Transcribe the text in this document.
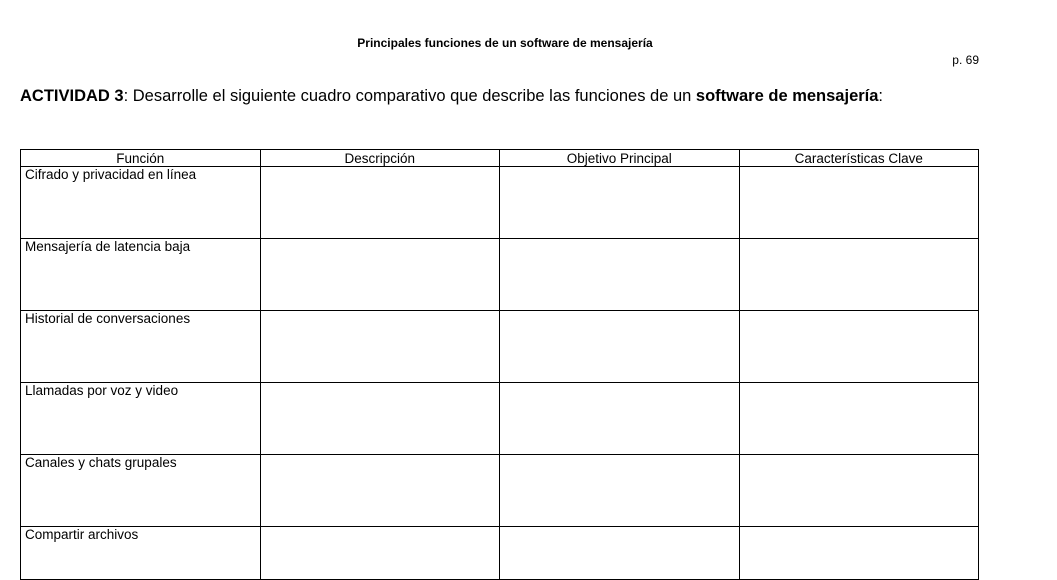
Principales funciones de un software de mensajería
p. 69
ACTIVIDAD 3: Desarrolle el siguiente cuadro comparativo que describe las funciones de un software de mensajería:
Función	Descripción	Objetivo Principal	Características Clave
Cifrado y privacidad en línea			
Mensajería de latencia baja			
Historial de conversaciones			
Llamadas por voz y video			
Canales y chats grupales			
Compartir archivos			
